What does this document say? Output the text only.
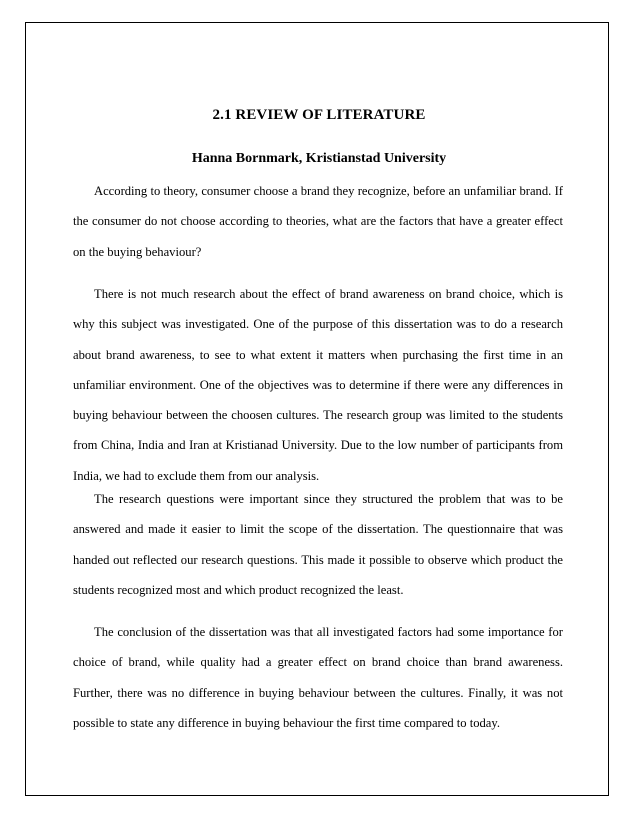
2.1 REVIEW OF LITERATURE
Hanna Bornmark, Kristianstad University

According to theory, consumer choose a brand they recognize, before an unfamiliar brand. If the consumer do not choose according to theories, what are the factors that have a greater effect on the buying behaviour?

There is not much research about the effect of brand awareness on brand choice, which is why this subject was investigated. One of the purpose of this dissertation was to do a research about brand awareness, to see to what extent it matters when purchasing the first time in an unfamiliar environment. One of the objectives was to determine if there were any differences in buying behaviour between the choosen cultures. The research group was limited to the students from China, India and Iran at Kristianad University. Due to the low number of participants from India, we had to exclude them from our analysis.

The research questions were important since they structured the problem that was to be answered and made it easier to limit the scope of the dissertation. The questionnaire that was handed out reflected our research questions. This made it possible to observe which product the students recognized most and which product recognized the least.

The conclusion of the dissertation was that all investigated factors had some importance for choice of brand, while quality had a greater effect on brand choice than brand awareness. Further, there was no difference in buying behaviour between the cultures. Finally, it was not possible to state any difference in buying behaviour the first time compared to today.
